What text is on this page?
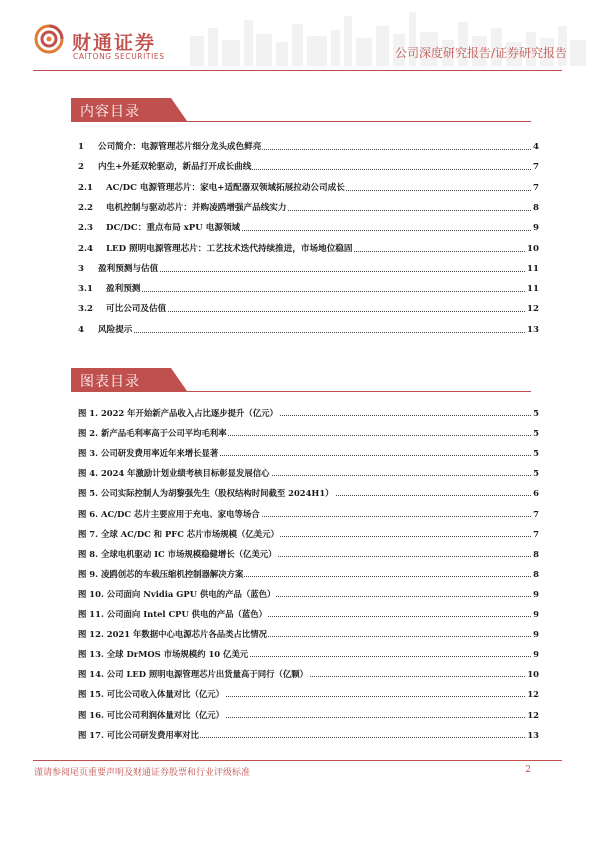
财通证券
CAITONG SECURITIES	公司深度研究报告/证券研究报告
内容目录
1 公司简介：电源管理芯片细分龙头成色鲜亮	4
2 内生+外延双轮驱动，新品打开成长曲线	7
2.1 AC/DC 电源管理芯片：家电+适配器双领域拓展拉动公司成长	7
2.2 电机控制与驱动芯片：并购凌鸥增强产品线实力	8
2.3 DC/DC：重点布局 xPU 电源领域	9
2.4 LED 照明电源管理芯片：工艺技术迭代持续推进，市场地位稳固	10
3 盈利预测与估值	11
3.1 盈利预测	11
3.2 可比公司及估值	12
4 风险提示	13
图表目录
图 1. 2022 年开始新产品收入占比逐步提升（亿元）	5
图 2. 新产品毛利率高于公司平均毛利率	5
图 3. 公司研发费用率近年来增长显著	5
图 4. 2024 年激励计划业绩考核目标彰显发展信心	5
图 5. 公司实际控制人为胡黎强先生（股权结构时间截至 2024H1）	6
图 6. AC/DC 芯片主要应用于充电、家电等场合	7
图 7. 全球 AC/DC 和 PFC 芯片市场规模（亿美元）	7
图 8. 全球电机驱动 IC 市场规模稳健增长（亿美元）	8
图 9. 凌鸥创芯的车载压缩机控制器解决方案	8
图 10. 公司面向 Nvidia GPU 供电的产品（蓝色）	9
图 11. 公司面向 Intel CPU 供电的产品（蓝色）	9
图 12. 2021 年数据中心电源芯片各品类占比情况	9
图 13. 全球 DrMOS 市场规模约 10 亿美元	9
图 14. 公司 LED 照明电源管理芯片出货量高于同行（亿颗）	10
图 15. 可比公司收入体量对比（亿元）	12
图 16. 可比公司利润体量对比（亿元）	12
图 17. 可比公司研发费用率对比	13
谨请参阅尾页重要声明及财通证券股票和行业评级标准	2
